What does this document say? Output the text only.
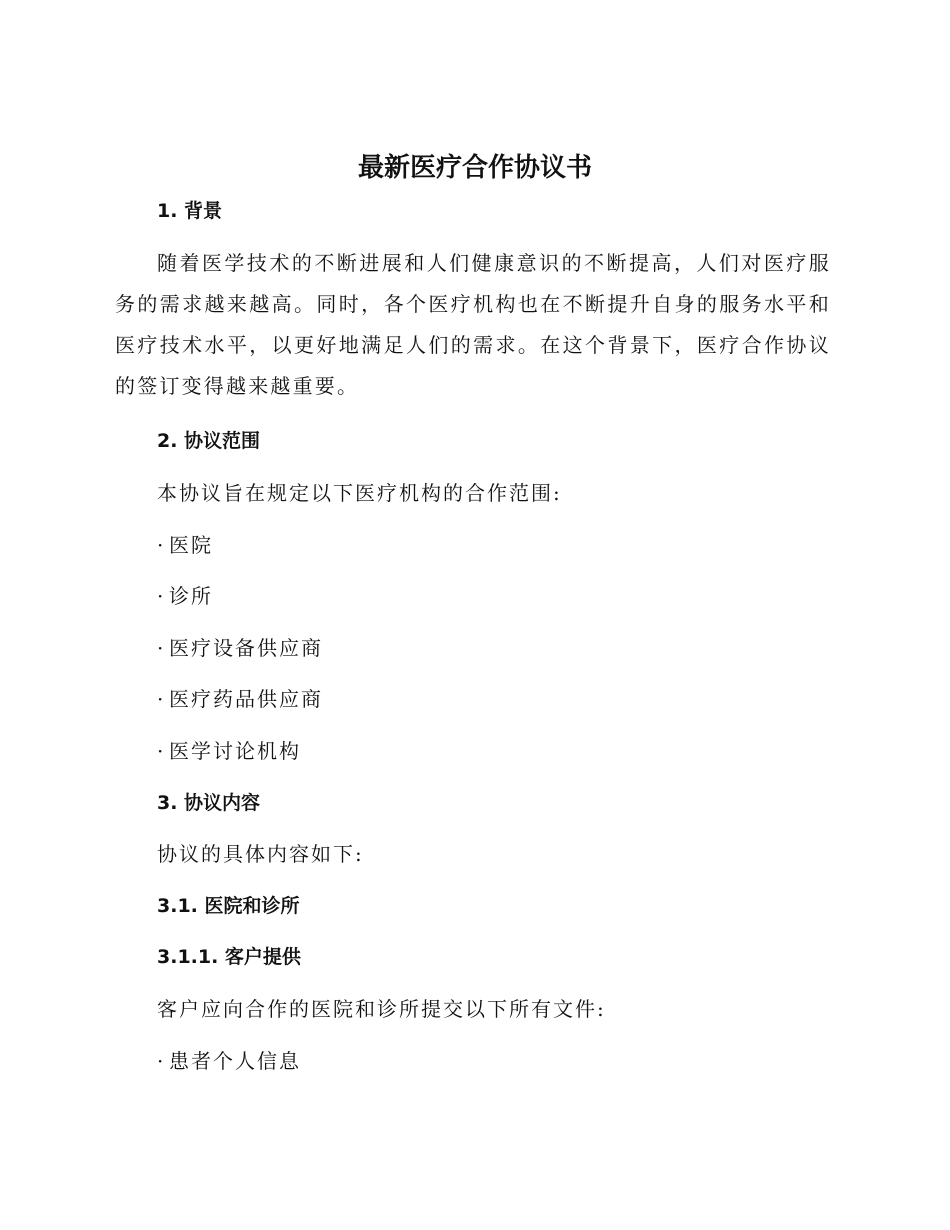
最新医疗合作协议书
1. 背景
随着医学技术的不断进展和人们健康意识的不断提高，人们对医疗服务的需求越来越高。同时，各个医疗机构也在不断提升自身的服务水平和医疗技术水平，以更好地满足人们的需求。在这个背景下，医疗合作协议的签订变得越来越重要。
2. 协议范围
本协议旨在规定以下医疗机构的合作范围:
· 医院
· 诊所
· 医疗设备供应商
· 医疗药品供应商
· 医学讨论机构
3. 协议内容
协议的具体内容如下:
3.1. 医院和诊所
3.1.1. 客户提供
客户应向合作的医院和诊所提交以下所有文件:
· 患者个人信息
